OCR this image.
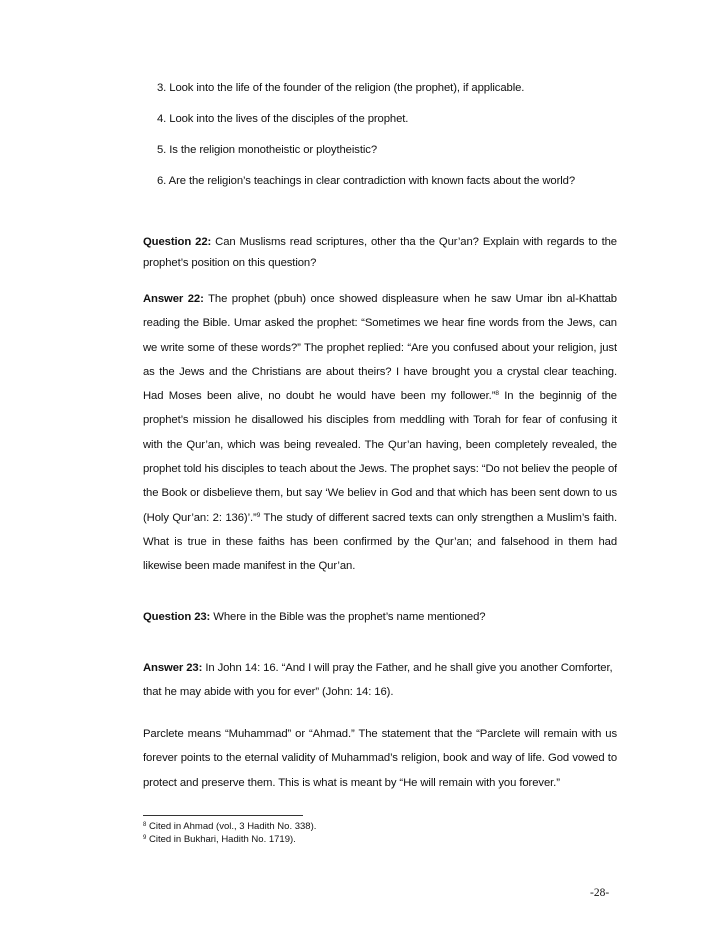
3. Look into the life of the founder of the religion (the prophet), if applicable.
4. Look into the lives of the disciples of the prophet.
5. Is the religion monotheistic or ploytheistic?
6. Are the religion’s teachings in clear contradiction with known facts about the world?
Question 22: Can Muslisms read scriptures, other tha the Qur’an? Explain with regards to the
prophet’s position on this question?
Answer 22: The prophet (pbuh) once showed displeasure when he saw Umar ibn al-Khattab
reading the Bible. Umar asked the prophet: “Sometimes we hear fine words from the Jews, can
we write some of these words?” The prophet replied: “Are you confused about your religion, just
as the Jews and the Christians are about theirs? I have brought you a crystal clear teaching.
Had Moses been alive, no doubt he would have been my follower.”$^8$ In the beginnig of the
prophet’s mission he disallowed his disciples from meddling with Torah for fear of confusing it
with the Qur’an, which was being revealed. The Qur’an having, been completely revealed, the
prophet told his disciples to teach about the Jews. The prophet says: “Do not believ the people of
the Book or disbelieve them, but say ‘We believ in God and that which has been sent down to us
(Holy Qur’an: 2: 136)’.”$^9$ The study of different sacred texts can only strengthen a Muslim’s faith.
What is true in these faiths has been confirmed by the Qur’an; and falsehood in them had
likewise been made manifest in the Qur’an.
Question 23: Where in the Bible was the prophet’s name mentioned?
Answer 23: In John 14: 16. “And I will pray the Father, and he shall give you another Comforter,
that he may abide with you for ever” (John: 14: 16).
Parclete means “Muhammad” or “Ahmad.” The statement that the “Parclete will remain with us
forever points to the eternal validity of Muhammad’s religion, book and way of life. God vowed to
protect and preserve them. This is what is meant by “He will remain with you forever.”
$^8$ Cited in Ahmad (vol., 3 Hadith No. 338).
$^9$ Cited in Bukhari, Hadith No. 1719).
-28-
